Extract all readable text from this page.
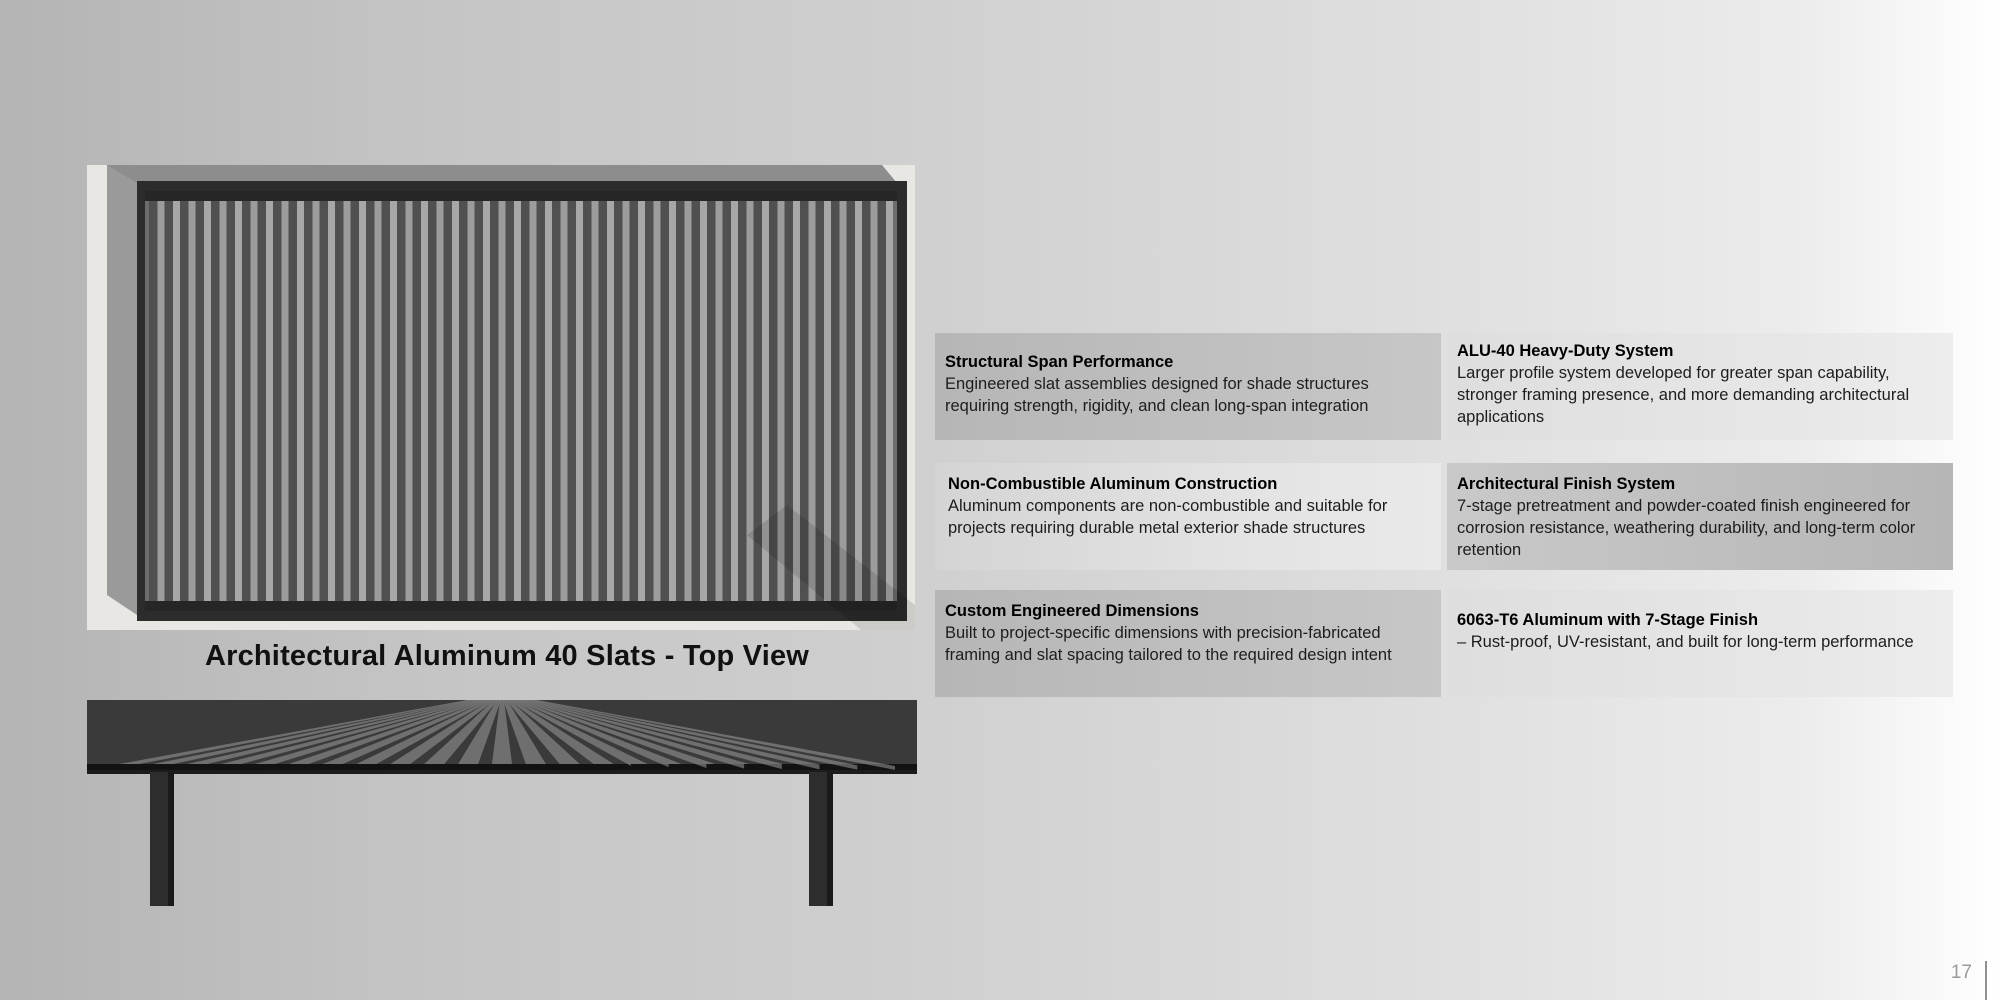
Architectural Aluminum 40 Slats - Top View
Structural Span Performance

Engineered slat assemblies designed for shade structures requiring strength, rigidity, and clean long-span integration

ALU-40 Heavy-Duty System

Larger profile system developed for greater span capability, stronger framing presence, and more demanding architectural applications

Non-Combustible Aluminum Construction

Aluminum components are non-combustible and suitable for projects requiring durable metal exterior shade structures

Architectural Finish System

7-stage pretreatment and powder-coated finish engineered for corrosion resistance, weathering durability, and long-term color retention

Custom Engineered Dimensions

Built to project-specific dimensions with precision-fabricated framing and slat spacing tailored to the required design intent

6063-T6 Aluminum with 7-Stage Finish

– Rust-proof, UV-resistant, and built for long-term performance

17
